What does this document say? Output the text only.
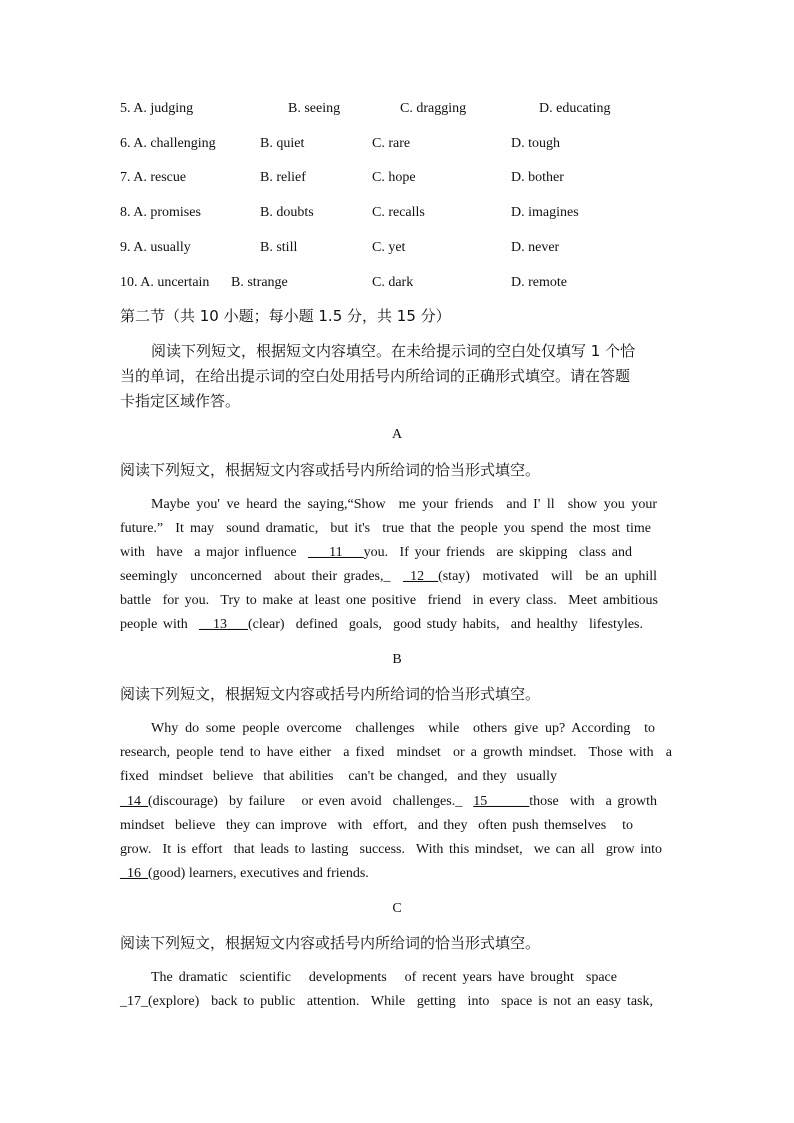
5. A. judging	B. seeing	C. dragging	D. educating
6. A. challenging	B. quiet	C. rare	D. tough
7. A. rescue	B. relief	C. hope	D. bother
8. A. promises	B. doubts	C. recalls	D. imagines
9. A. usually	B. still	C. yet	D. never
10. A. uncertain B. strange	C. dark	D. remote
第二节（共 10 小题；每小题 1.5 分，共 15 分）
阅读下列短文，根据短文内容填空。在未给提示词的空白处仅填写 1 个恰
当的单词，在给出提示词的空白处用括号内所给词的正确形式填空。请在答题
卡指定区域作答。
A
阅读下列短文，根据短文内容或括号内所给词的恰当形式填空。
Maybe you' ve heard the saying,“Show  me your friends  and I' ll  show you your
future.”  It may  sound dramatic,  but it's  true that the people you spend the most time
with  have  a major influence  ___11___you.  If your friends  are skipping  class and
seemingly  unconcerned  about their grades,_  _12__(stay)  motivated  will  be an uphill
battle  for you.  Try to make at least one positive  friend  in every class.  Meet ambitious
people with  __13___(clear)  defined  goals,  good study habits,  and healthy  lifestyles.
B
阅读下列短文，根据短文内容或括号内所给词的恰当形式填空。
Why do some people overcome  challenges  while  others give up? According  to
research, people tend to have either  a fixed  mindset  or a growth mindset.  Those with  a
fixed  mindset  believe  that abilities   can't be changed,  and they  usually
_14_(discourage)  by failure   or even avoid  challenges._  15______those  with  a growth
mindset  believe  they can improve  with  effort,  and they  often push themselves   to
grow.  It is effort  that leads to lasting  success.  With this mindset,  we can all  grow into
_16_(good) learners, executives and friends.
C
阅读下列短文，根据短文内容或括号内所给词的恰当形式填空。
The dramatic  scientific   developments   of recent years have brought  space
_17_(explore)  back to public  attention.  While  getting  into  space is not an easy task,
